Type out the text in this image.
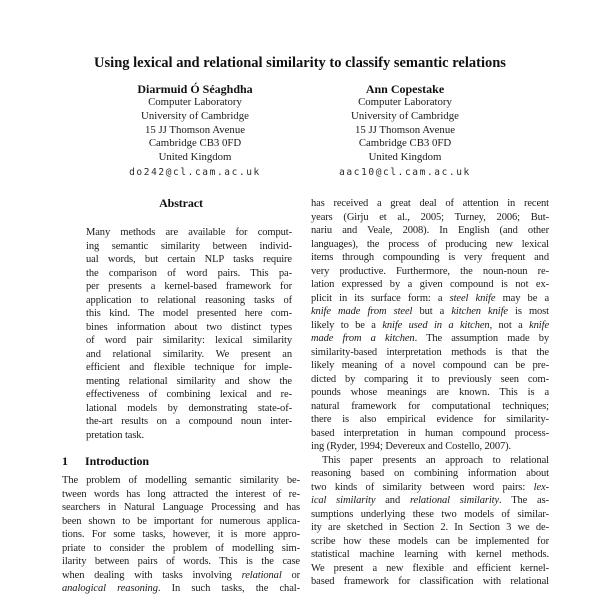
Using lexical and relational similarity to classify semantic relations
Diarmuid Ó Séaghdha
Computer Laboratory
University of Cambridge
15 JJ Thomson Avenue
Cambridge CB3 0FD
United Kingdom
do242@cl.cam.ac.uk
Ann Copestake
Computer Laboratory
University of Cambridge
15 JJ Thomson Avenue
Cambridge CB3 0FD
United Kingdom
aac10@cl.cam.ac.uk
Abstract
Many methods are available for comput-
ing semantic similarity between individ-
ual words, but certain NLP tasks require
the comparison of word pairs. This pa-
per presents a kernel-based framework for
application to relational reasoning tasks of
this kind. The model presented here com-
bines information about two distinct types
of word pair similarity: lexical similarity
and relational similarity. We present an
efficient and flexible technique for imple-
menting relational similarity and show the
effectiveness of combining lexical and re-
lational models by demonstrating state-of-
the-art results on a compound noun inter-
pretation task.
1 Introduction
The problem of modelling semantic similarity be-
tween words has long attracted the interest of re-
searchers in Natural Language Processing and has
been shown to be important for numerous applica-
tions. For some tasks, however, it is more appro-
priate to consider the problem of modelling sim-
ilarity between pairs of words. This is the case
when dealing with tasks involving relational or
analogical reasoning. In such tasks, the chal-
has received a great deal of attention in recent
years (Girju et al., 2005; Turney, 2006; But-
nariu and Veale, 2008). In English (and other
languages), the process of producing new lexical
items through compounding is very frequent and
very productive. Furthermore, the noun-noun re-
lation expressed by a given compound is not ex-
plicit in its surface form: a steel knife may be a
knife made from steel but a kitchen knife is most
likely to be a knife used in a kitchen, not a knife
made from a kitchen. The assumption made by
similarity-based interpretation methods is that the
likely meaning of a novel compound can be pre-
dicted by comparing it to previously seen com-
pounds whose meanings are known. This is a
natural framework for computational techniques;
there is also empirical evidence for similarity-
based interpretation in human compound process-
ing (Ryder, 1994; Devereux and Costello, 2007).
This paper presents an approach to relational
reasoning based on combining information about
two kinds of similarity between word pairs: lex-
ical similarity and relational similarity. The as-
sumptions underlying these two models of similar-
ity are sketched in Section 2. In Section 3 we de-
scribe how these models can be implemented for
statistical machine learning with kernel methods.
We present a new flexible and efficient kernel-
based framework for classification with relational
